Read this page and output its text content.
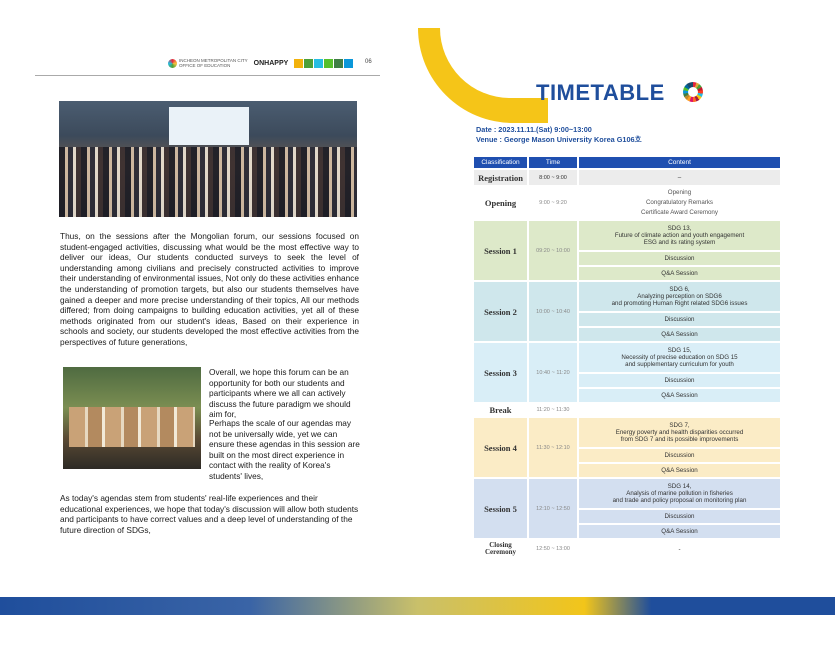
INCHEON METROPOLITAN CITY
OFFICE OF EDUCATION	ONHAPPY	06

Thus, on the sessions after the Mongolian forum, our sessions focused on student-engaged activities, discussing what would be the most effective way to deliver our ideas, Our students conducted surveys to seek the level of understanding among civilians and precisely constructed activities to improve their understanding of environmental issues, Not only do these activities enhance the understanding of promotion targets, but also our students themselves have gained a deeper and more precise understanding of their topics, All our methods differed; from doing campaigns to building education activities, yet all of these methods originated from our student's ideas, Based on their experience in schools and society, our students developed the most effective activities from the perspectives of future generations,

Overall, we hope this forum can be an opportunity for both our students and participants where we all can actively discuss the future paradigm we should aim for,

Perhaps the scale of our agendas may not be universally wide, yet we can ensure these agendas in this session are built on the most direct experience in contact with the reality of Korea's students' lives,

As today's agendas stem from students' real-life experiences and their educational experiences, we hope that today's discussion will allow both students and participants to have correct values and a deep level of understanding of the future direction of SDGs,

TIMETABLE
Date : 2023.11.11.(Sat) 9:00~13:00
Venue : George Mason University Korea G106호
Classification	Time	Content
Registration	8:00 ~ 9:00	–
Opening	9:00 ~ 9:20	Opening
Congratulatory Remarks
Certificate Award Ceremony

Session 1	09:20 ~ 10:00	SDG 13,
Future of climate action and youth engagement
ESG and its rating system

		Discussion
		Q&A Session
Session 2	10:00 ~ 10:40	SDG 6,
Analyzing perception on SDG6
and promoting Human Right related SDG6 issues

		Discussion
		Q&A Session
Session 3	10:40 ~ 11:20	SDG 15,
Necessity of precise education on SDG 15
and supplementary curriculum for youth

		Discussion
		Q&A Session
Break	11:20 ~ 11:30	
Session 4	11:30 ~ 12:10	SDG 7,
Energy poverty and health disparities occurred
from SDG 7 and its possible improvements

		Discussion
		Q&A Session
Session 5	12:10 ~ 12:50	SDG 14,
Analysis of marine pollution in fisheries
and trade and policy proposal on monitoring plan

		Discussion
		Q&A Session

Closing
Ceremony	12:50 ~ 13:00	-
